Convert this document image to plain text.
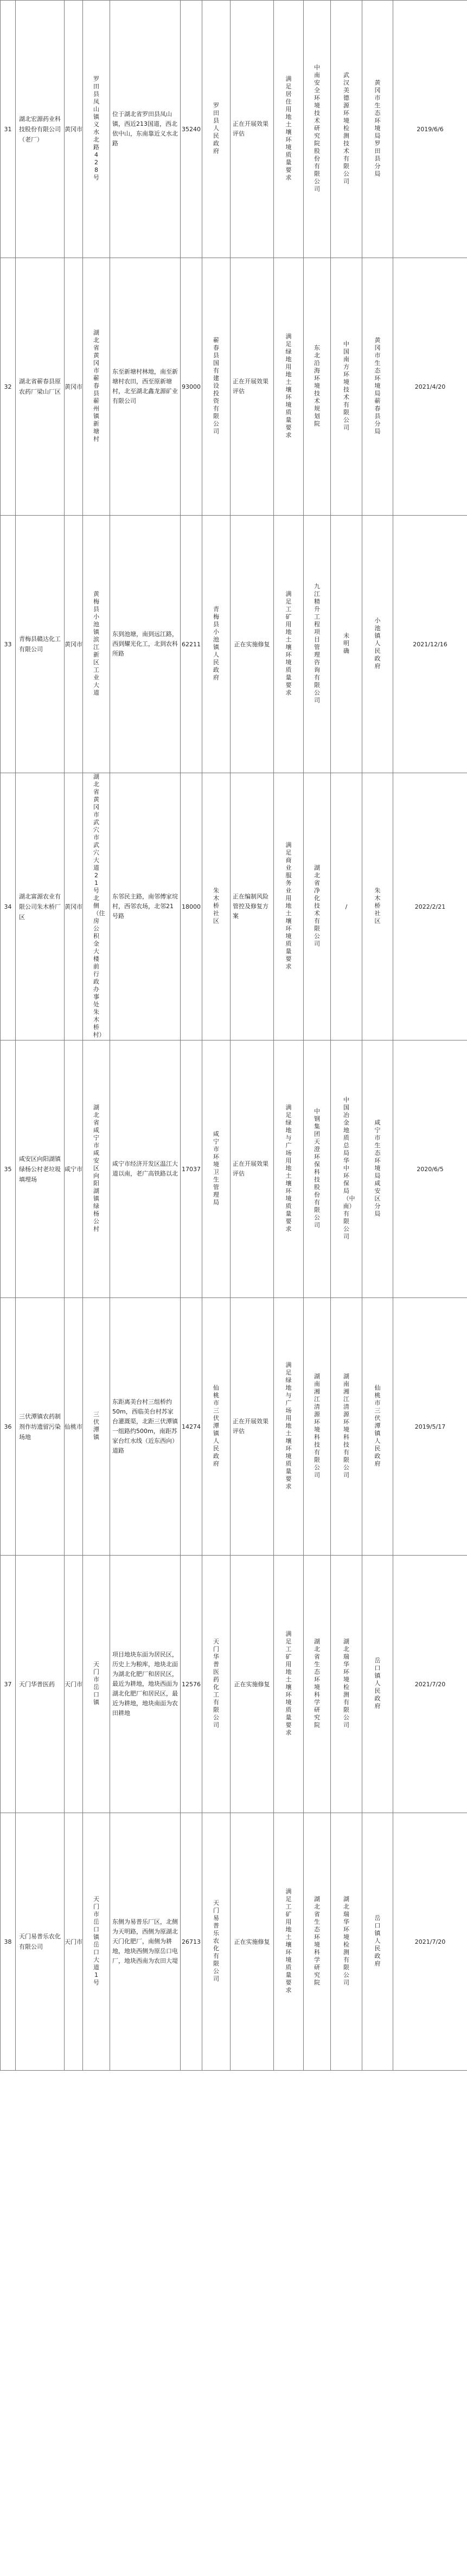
31	湖北宏源药业科技股份有限公司（老厂）	黄冈市	罗田县凤山镇义水北路428号	位于湖北省罗田县凤山镇，西近213国道，西北依中山，东南靠近义水北路	35240	罗田县人民政府	正在开展效果评估	满足居住用地土壤环境质量要求	中南安全环境技术研究院股份有限公司	武汉美德源环境检测技术有限公司	黄冈市生态环境局罗田县分局	2019/6/6
32	湖北省蕲春县原农药厂梁山厂区	黄冈市	湖北省黄冈市蕲春县蕲州镇新塘村	东至新塘村林地，南至新塘村农田，西至原新塘村，北至湖北鑫龙源矿业有限公司	93000	蕲春县国有建设投资有限公司	正在开展效果评估	满足绿地用地土壤环境质量要求	东北沿海环境技术规划院	中国南方环境技术有限公司	黄冈市生态环境局蕲春县分局	2021/4/20
33	青梅县赣达化工有限公司	黄冈市	黄梅县小池镇滨江新区工业大道	东到池塘，南到远江路，西到耀光化工，北到农科所路	62211	青梅县小池镇人民政府	正在实施修复	满足工矿用地土壤环境质量要求	九江精升工程项目管理咨询有限公司	未明确	小池镇人民政府	2021/12/16
34	湖北富源农业有限公司朱木桥厂区	黄冈市	湖北省黄冈市武穴市武穴大道21号北侧（住房公积金大楼前行政办事处朱木桥村）	东邻民主路，南邻傅家垸村，西邻农场，北邻21号路	18000	朱木桥社区	正在编制风险管控及修复方案	满足商业服务业用地土壤环境质量要求	湖北省净化技术有限公司	/	朱木桥社区	2022/2/21
35	咸安区向阳湖镇绿杨公村老垃圾填埋场	咸宁市	湖北省咸宁市咸安区向阳湖镇绿杨公村	咸宁市经济开发区温江大道以南，老广高铁路以北	17037	咸宁市环境卫生管理局	正在开展效果评估	满足绿地与广场用地土壤环境质量要求	中钢集团天澄环保科技股份有限公司	中国冶金地质总局华中环保局（中南）有限公司	咸宁市生态环境局咸安区分局	2020/6/5
36	三伏潭镇农药制剂作坊遗留污染场地	仙桃市	三伏潭镇	东距离美台村三组桥约50m，西临美台村苏家台灌溉渠，北距三伏潭镇一组路约500m，南距苏家台红水线（近东西向）道路	14274	仙桃市三伏潭镇人民政府	正在开展效果评估	满足绿地与广场用地土壤环境质量要求	湖南湘江清源环境科技有限公司	湖南湘江清源环境科技有限公司	仙桃市三伏潭镇人民政府	2019/5/17
37	天门华普医药	天门市	天门市岳口镇	项目地块东面为居民区，历史上为粮库，地块北面为湖北化肥厂和居民区，最近为耕地，地块西面为湖北化肥厂和居民区，最近为耕地，地块南面为农田耕地	12576	天门华普医药化工有限公司	正在实施修复	满足工矿用地土壤环境质量要求	湖北省生态环境科学研究院	湖北瑞华环境检测有限公司	岳口镇人民政府	2021/7/20
38	天门易普乐农化有限公司	天门市	天门市岳口镇岳口大道1号	东侧为易普乐厂区，北侧为天明路，西侧为原湖北天门化肥厂，南侧为耕地，地块西侧为原岳口电厂，地块西南为农田大堤	26713	天门易普乐农化有限公司	正在实施修复	满足工矿用地土壤环境质量要求	湖北省生态环境科学研究院	湖北瑞华环境检测有限公司	岳口镇人民政府	2021/7/20
